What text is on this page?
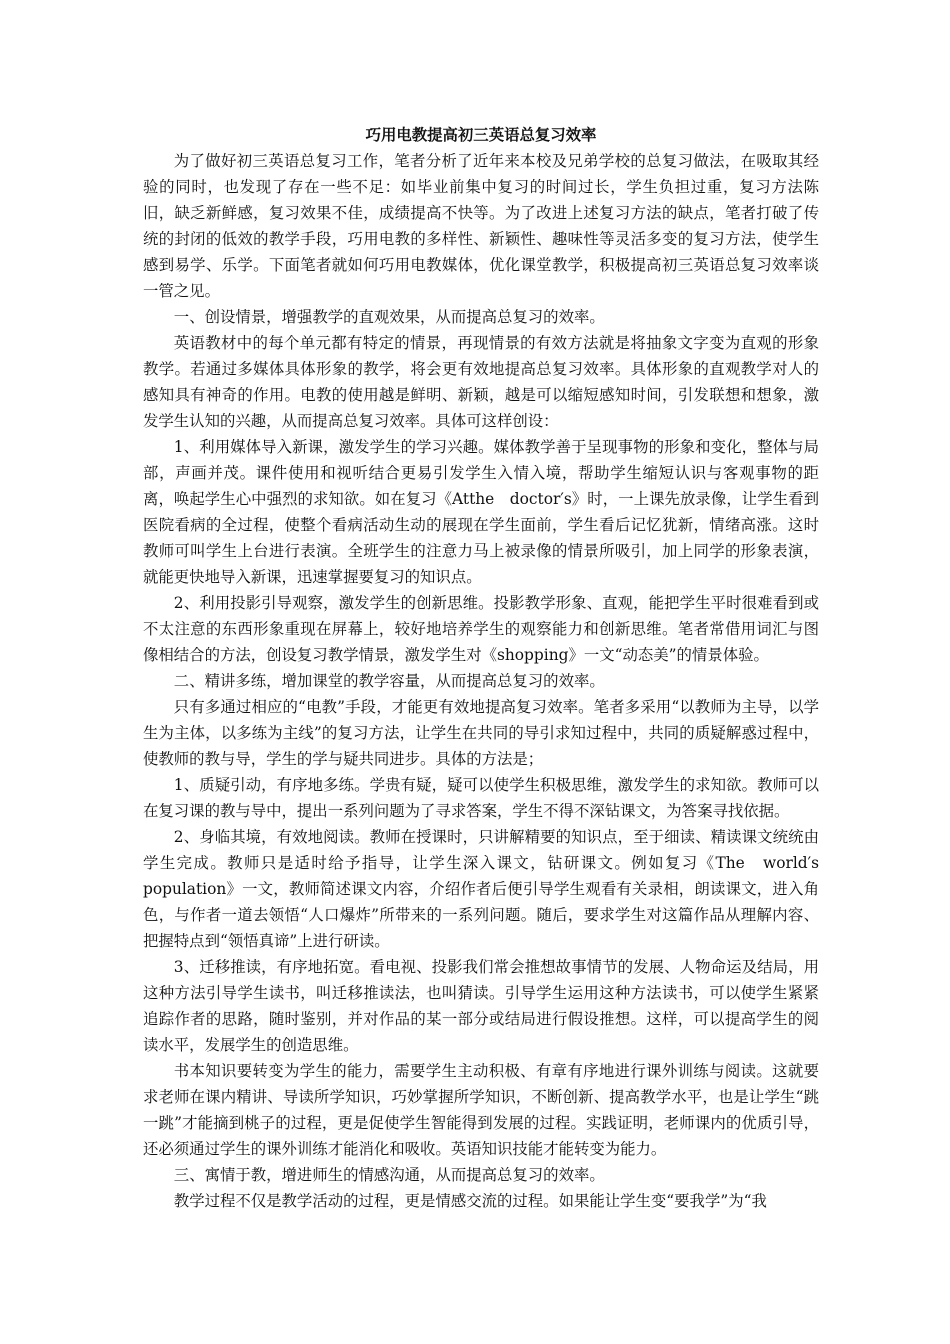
巧用电教提高初三英语总复习效率

为了做好初三英语总复习工作，笔者分析了近年来本校及兄弟学校的总复习做法，在吸取其经验的同时，也发现了存在一些不足：如毕业前集中复习的时间过长，学生负担过重，复习方法陈旧，缺乏新鲜感，复习效果不佳，成绩提高不快等。为了改进上述复习方法的缺点，笔者打破了传统的封闭的低效的教学手段，巧用电教的多样性、新颖性、趣味性等灵活多变的复习方法，使学生感到易学、乐学。下面笔者就如何巧用电教媒体，优化课堂教学，积极提高初三英语总复习效率谈一管之见。

一、创设情景，增强教学的直观效果，从而提高总复习的效率。

英语教材中的每个单元都有特定的情景，再现情景的有效方法就是将抽象文字变为直观的形象教学。若通过多媒体具体形象的教学，将会更有效地提高总复习效率。具体形象的直观教学对人的感知具有神奇的作用。电教的使用越是鲜明、新颖，越是可以缩短感知时间，引发联想和想象，激发学生认知的兴趣，从而提高总复习效率。具体可这样创设：

1、利用媒体导入新课，激发学生的学习兴趣。媒体教学善于呈现事物的形象和变化，整体与局部，声画并茂。课件使用和视听结合更易引发学生入情入境，帮助学生缩短认识与客观事物的距离，唤起学生心中强烈的求知欲。如在复习《Atthe　doctor′s》时，一上课先放录像，让学生看到医院看病的全过程，使整个看病活动生动的展现在学生面前，学生看后记忆犹新，情绪高涨。这时教师可叫学生上台进行表演。全班学生的注意力马上被录像的情景所吸引，加上同学的形象表演，就能更快地导入新课，迅速掌握要复习的知识点。

2、利用投影引导观察，激发学生的创新思维。投影教学形象、直观，能把学生平时很难看到或不太注意的东西形象重现在屏幕上，较好地培养学生的观察能力和创新思维。笔者常借用词汇与图像相结合的方法，创设复习教学情景，激发学生对《shopping》一文“动态美”的情景体验。

二、精讲多练，增加课堂的教学容量，从而提高总复习的效率。

只有多通过相应的“电教”手段，才能更有效地提高复习效率。笔者多采用“以教师为主导，以学生为主体，以多练为主线”的复习方法，让学生在共同的导引求知过程中，共同的质疑解惑过程中，使教师的教与导，学生的学与疑共同进步。具体的方法是；

1、质疑引动，有序地多练。学贵有疑，疑可以使学生积极思维，激发学生的求知欲。教师可以在复习课的教与导中，提出一系列问题为了寻求答案，学生不得不深钻课文，为答案寻找依据。

2、身临其境，有效地阅读。教师在授课时，只讲解精要的知识点，至于细读、精读课文统统由学生完成。教师只是适时给予指导，让学生深入课文，钻研课文。例如复习《The　world′s population》一文，教师简述课文内容，介绍作者后便引导学生观看有关录相，朗读课文，进入角色，与作者一道去领悟“人口爆炸”所带来的一系列问题。随后，要求学生对这篇作品从理解内容、把握特点到“领悟真谛”上进行研读。

3、迁移推读，有序地拓宽。看电视、投影我们常会推想故事情节的发展、人物命运及结局，用这种方法引导学生读书，叫迁移推读法，也叫猜读。引导学生运用这种方法读书，可以使学生紧紧追踪作者的思路，随时鉴别，并对作品的某一部分或结局进行假设推想。这样，可以提高学生的阅读水平，发展学生的创造思维。

书本知识要转变为学生的能力，需要学生主动积极、有章有序地进行课外训练与阅读。这就要求老师在课内精讲、导读所学知识，巧妙掌握所学知识，不断创新、提高教学水平，也是让学生“跳一跳”才能摘到桃子的过程，更是促使学生智能得到发展的过程。实践证明，老师课内的优质引导，还必须通过学生的课外训练才能消化和吸收。英语知识技能才能转变为能力。

三、寓情于教，增进师生的情感沟通，从而提高总复习的效率。

教学过程不仅是教学活动的过程，更是情感交流的过程。如果能让学生变“要我学”为“我
